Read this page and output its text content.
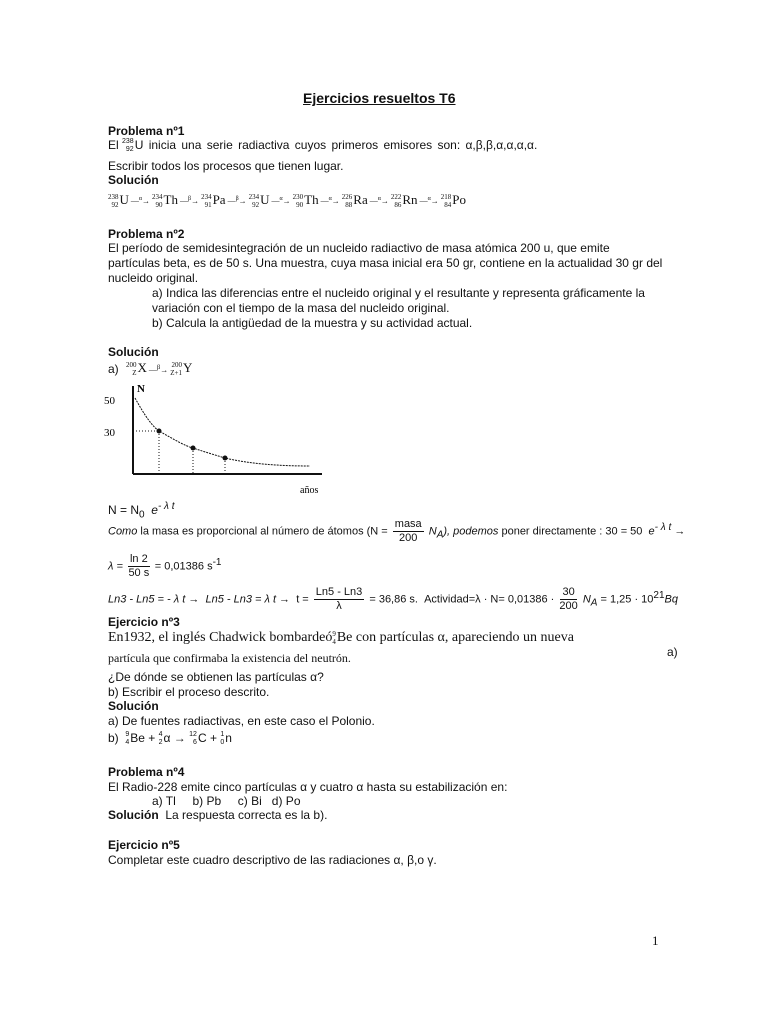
Ejercicios resueltos T6
Problema nº1
El 238
92 U inicia una serie radiactiva cuyos primeros emisores son: α,β,β,α,α,α,α.
Escribir todos los procesos que tienen lugar.
Solución
238
92 U —$^\alpha$→ 234
90 Th —$^\beta$→ 234
91 Pa —$^\beta$→ 234
92 U —$^\alpha$→ 230
90 Th —$^\alpha$→ 226
88 Ra —$^\alpha$→ 222
86 Rn —$^\alpha$→ 218
84 Po
Problema nº2
El período de semidesintegración de un nucleido radiactivo de masa atómica 200 u, que emite partículas beta, es de 50 s. Una muestra, cuya masa inicial era 50 gr, contiene en la actualidad 30 gr del nucleido original.
a) Indica las diferencias entre el nucleido original y el resultante y representa gráficamente la
variación con el tiempo de la masa del nucleido original.
b) Calcula la antigüedad de la muestra y su actividad actual.
Solución
a) 200
Z X —$^\beta$→
200
Z+1 Y
N
50
30
años
$N = N_0$ $e^{- \lambda t}$
Como la masa es proporcional al número de átomos $(N = \frac{\text{masa}}{200} N_A)$, podemos poner directamente : 30 = 50 $e^{- \lambda t}$ →
$\lambda = \frac{\ln 2}{50 s} = 0,01386$ $s^{-1}$
Ln3 - Ln5 = - λ t → Ln5 - Ln3 = λ $t \to t = \frac{Ln5 - Ln3}{\lambda} = 36,86$ s. Actividad=λ · $N= 0,01386 \cdot \frac{30}{200} N_A = 1,25 \cdot 10^{21}Bq$
Ejercicio nº3
En1932, el inglés Chadwick bombardeó 9
4 Be con partículas α, apareciendo un nueva
a)
partícula que confirmaba la existencia del neutrón.
¿De dónde se obtienen las partículas α?
b) Escribir el proceso descrito.
Solución
a) De fuentes radiactivas, en este caso el Polonio.
b) 9
4 Be + 4
2 α → 12
6 C + 1
0 n
Problema nº4
El Radio-228 emite cinco partículas α y cuatro α hasta su estabilización en:
a) Tl     b) Pb     c) Bi   d) Po
Solución La respuesta correcta es la b).
Ejercicio nº5
Completar este cuadro descriptivo de las radiaciones α, β,o γ.
1
